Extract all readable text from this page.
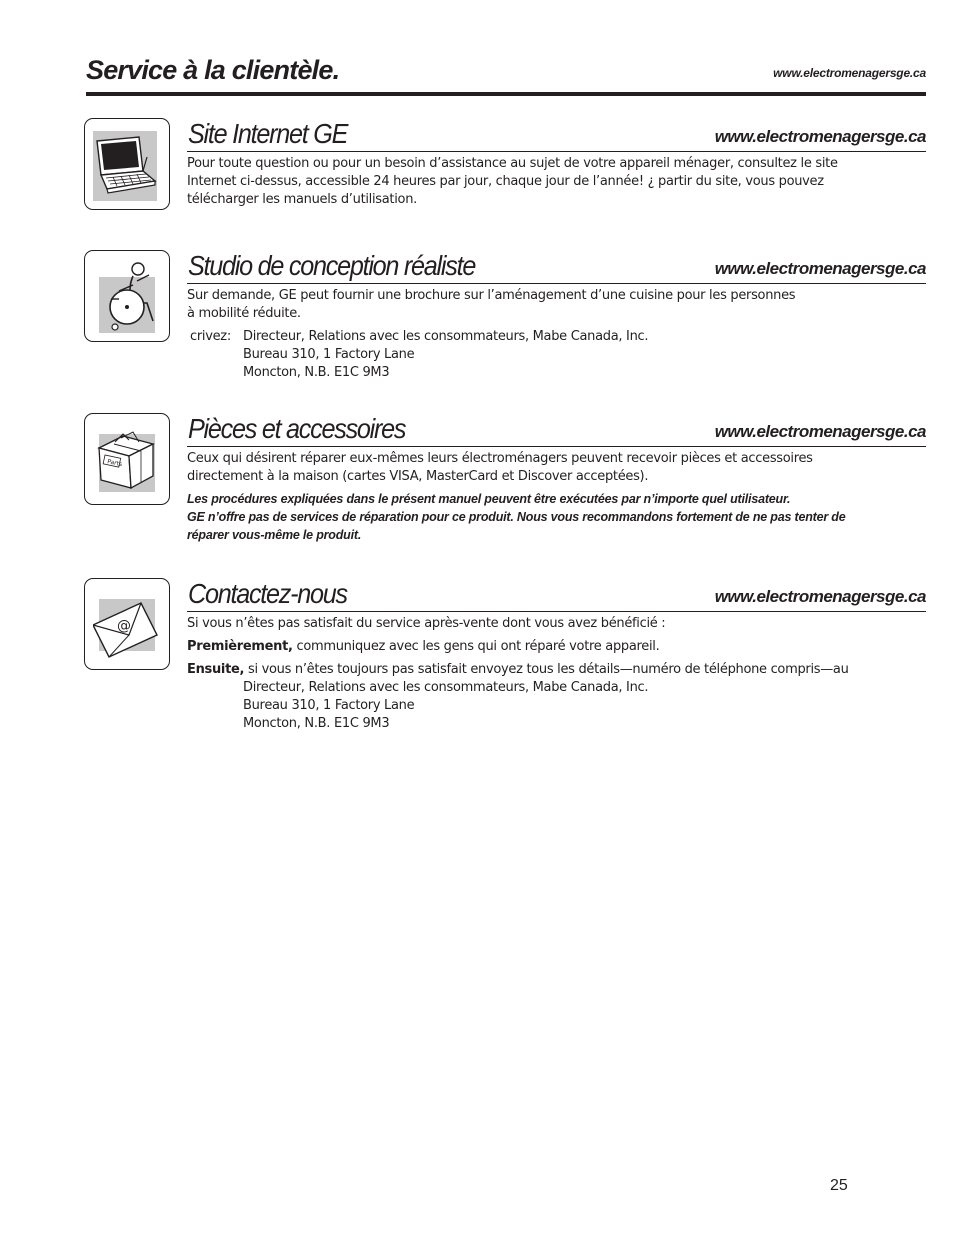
Service à la clientèle.	www.electromenagersge.ca
Site Internet GE	www.electromenagersge.ca

Pour toute question ou pour un besoin d’assistance au sujet de votre appareil ménager, consultez le site

Internet ci-dessus, accessible 24 heures par jour, chaque jour de l’année! ¿ partir du site, vous pouvez

télécharger les manuels d’utilisation.

Studio de conception réaliste	www.electromenagersge.ca

Sur demande, GE peut fournir une brochure sur l’aménagement d’une cuisine pour les personnes

à mobilité réduite.

crivez: Directeur, Relations avec les consommateurs, Mabe Canada, Inc.

Bureau 310, 1 Factory Lane

Moncton, N.B. E1C 9M3

Parts
Pièces et accessoires	www.electromenagersge.ca

Ceux qui désirent réparer eux-mêmes leurs électroménagers peuvent recevoir pièces et accessoires

directement à la maison (cartes VISA, MasterCard et Discover acceptées).

Les procédures expliquées dans le présent manuel peuvent être exécutées par n’importe quel utilisateur.

GE n’offre pas de services de réparation pour ce produit. Nous vous recommandons fortement de ne pas tenter de

réparer vous-même le produit.

@
Contactez-nous	www.electromenagersge.ca

Si vous n’êtes pas satisfait du service après-vente dont vous avez bénéficié :

Premièrement, communiquez avec les gens qui ont réparé votre appareil.

Ensuite, si vous n’êtes toujours pas satisfait envoyez tous les détails—numéro de téléphone compris—au

Directeur, Relations avec les consommateurs, Mabe Canada, Inc.

Bureau 310, 1 Factory Lane

Moncton, N.B. E1C 9M3

25
